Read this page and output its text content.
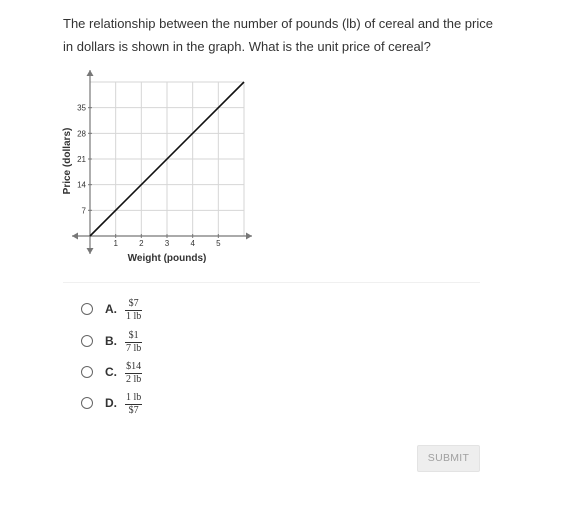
The relationship between the number of pounds (lb) of cereal and the price in dollars is shown in the graph. What is the unit price of cereal?

1	2	3	4	5
7
14
21
28
35
Weight (pounds)
Price (dollars)
A. $\frac{\$7}{1 lb}$
B. $\frac{\$1}{7 lb}$
C. $\frac{\$14}{2 lb}$
D. $\frac{1 lb}{\$7}$
SUBMIT
